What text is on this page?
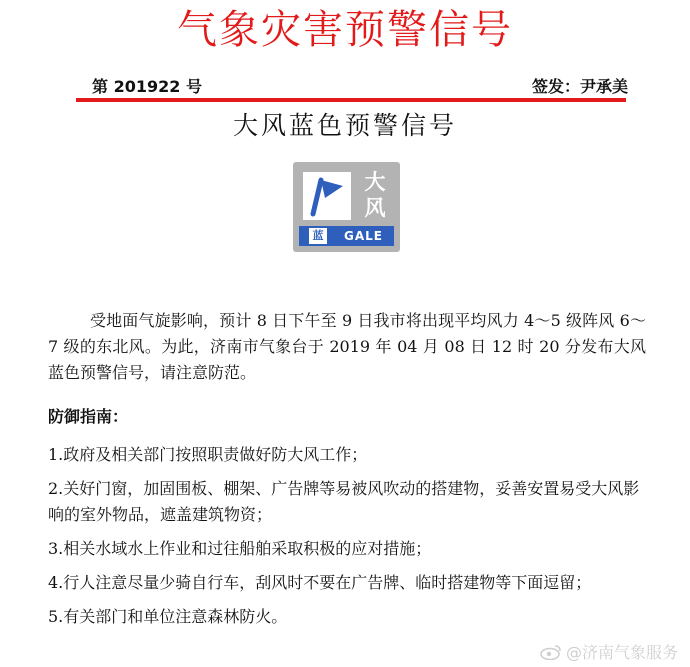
气象灾害预警信号
第 201922 号	签发：尹承美
大风蓝色预警信号
大
风
蓝	GALE
受地面气旋影响，预计 8 日下午至 9 日我市将出现平均风力 4～5 级阵风 6～7 级的东北风。为此，济南市气象台于 2019 年 04 月 08 日 12 时 20 分发布大风蓝色预警信号，请注意防范。
防御指南：
1.政府及相关部门按照职责做好防大风工作；
2.关好门窗，加固围板、棚架、广告牌等易被风吹动的搭建物，妥善安置易受大风影响的室外物品，遮盖建筑物资；
3.相关水域水上作业和过往船舶采取积极的应对措施；
4.行人注意尽量少骑自行车，刮风时不要在广告牌、临时搭建物等下面逗留；
5.有关部门和单位注意森林防火。
@济南气象服务
